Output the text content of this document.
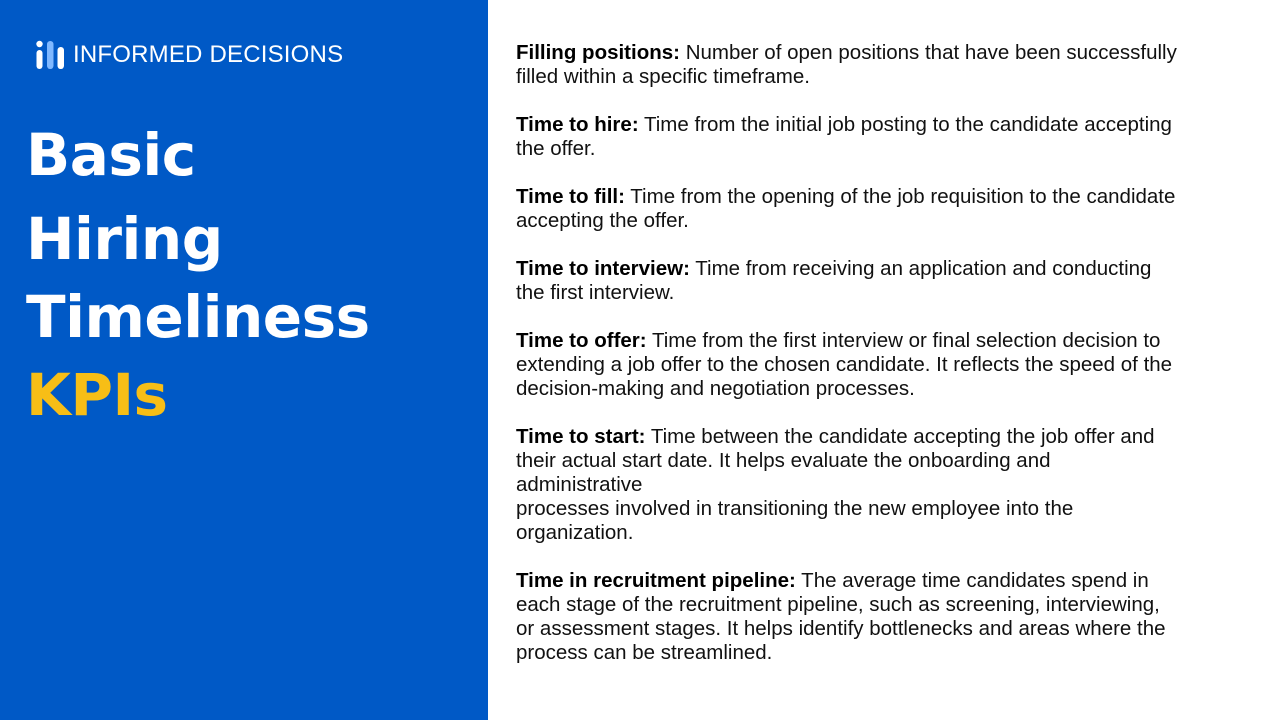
INFORMED DECISIONS
Basic
Hiring
Timeliness
KPIs
Filling positions: Number of open positions that have been successfully
filled within a specific timeframe.
Time to hire: Time from the initial job posting to the candidate accepting
the offer.
Time to fill: Time from the opening of the job requisition to the candidate
accepting the offer.
Time to interview: Time from receiving an application and conducting
the first interview.
Time to offer: Time from the first interview or final selection decision to
extending a job offer to the chosen candidate. It reflects the speed of the
decision-making and negotiation processes.
Time to start: Time between the candidate accepting the job offer and
their actual start date. It helps evaluate the onboarding and
administrative
processes involved in transitioning the new employee into the
organization.
Time in recruitment pipeline: The average time candidates spend in
each stage of the recruitment pipeline, such as screening, interviewing,
or assessment stages. It helps identify bottlenecks and areas where the
process can be streamlined.
